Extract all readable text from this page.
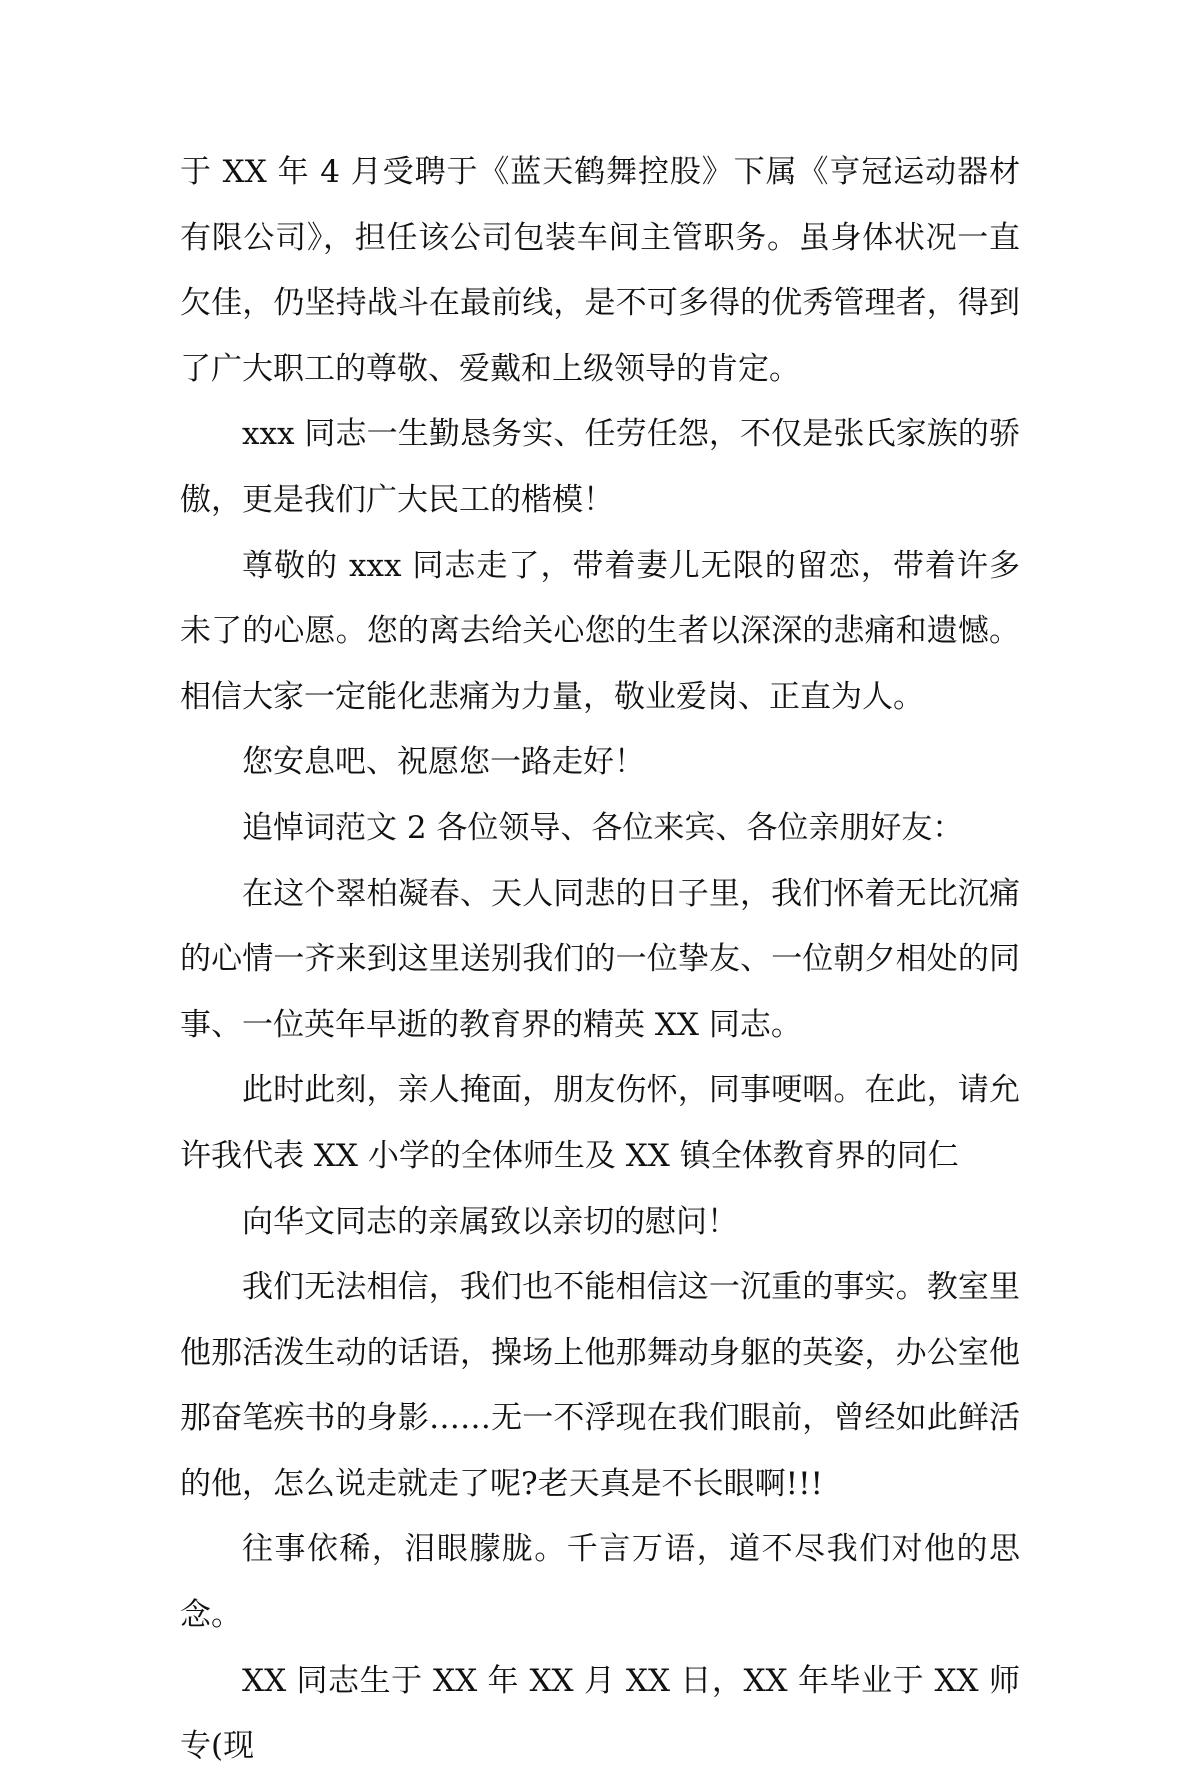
于 XX 年 4 月受聘于《蓝天鹤舞控股》下属《亨冠运动器材有限公司》，担任该公司包装车间主管职务。虽身体状况一直欠佳，仍坚持战斗在最前线，是不可多得的优秀管理者，得到了广大职工的尊敬、爱戴和上级领导的肯定。

xxx 同志一生勤恳务实、任劳任怨，不仅是张氏家族的骄傲，更是我们广大民工的楷模！

尊敬的 xxx 同志走了，带着妻儿无限的留恋，带着许多未了的心愿。您的离去给关心您的生者以深深的悲痛和遗憾。相信大家一定能化悲痛为力量，敬业爱岗、正直为人。

您安息吧、祝愿您一路走好！

追悼词范文 2 各位领导、各位来宾、各位亲朋好友：

在这个翠柏凝春、天人同悲的日子里，我们怀着无比沉痛的心情一齐来到这里送别我们的一位挚友、一位朝夕相处的同事、一位英年早逝的教育界的精英 XX 同志。

此时此刻，亲人掩面，朋友伤怀，同事哽咽。在此，请允许我代表 XX 小学的全体师生及 XX 镇全体教育界的同仁

向华文同志的亲属致以亲切的慰问！

我们无法相信，我们也不能相信这一沉重的事实。教室里他那活泼生动的话语，操场上他那舞动身躯的英姿，办公室他那奋笔疾书的身影……无一不浮现在我们眼前，曾经如此鲜活的他，怎么说走就走了呢?老天真是不长眼啊!!!

往事依稀，泪眼朦胧。千言万语，道不尽我们对他的思念。

XX 同志生于 XX 年 XX 月 XX 日，XX 年毕业于 XX 师专(现
